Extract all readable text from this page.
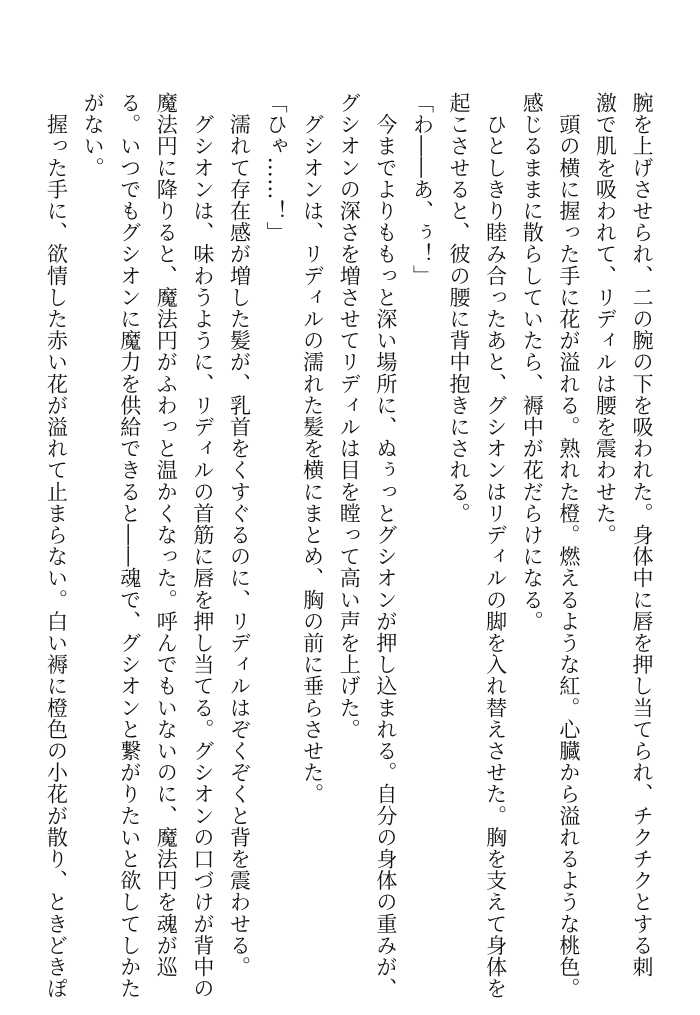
腕を上げさせられ、二の腕の下を吸われた。身体中に唇を押し当てられ、チクチクとする刺
激で肌を吸われて、リディルは腰を震わせた。
　頭の横に握った手に花が溢れる。熟れた橙。燃えるような紅。心臓から溢れるような桃色。
感じるままに散らしていたら、褥中が花だらけになる。
　ひとしきり睦み合ったあと、グシオンはリディルの脚を入れ替えさせた。胸を支えて身体を
起こさせると、彼の腰に背中抱きにされる。
「わ――あ、ぅ！」
　今までよりももっと深い場所に、ぬぅっとグシオンが押し込まれる。自分の身体の重みが、
グシオンの深さを増させてリディルは目を瞠って高い声を上げた。
　グシオンは、リディルの濡れた髪を横にまとめ、胸の前に垂らさせた。
「ひゃ……！」
　濡れて存在感が増した髪が、乳首をくすぐるのに、リディルはぞくぞくと背を震わせる。
　グシオンは、味わうように、リディルの首筋に唇を押し当てる。グシオンの口づけが背中の
魔法円に降りると、魔法円がふわっと温かくなった。呼んでもいないのに、魔法円を魂が巡
る。いつでもグシオンに魔力を供給できると――魂で、グシオンと繋がりたいと欲してしかた
がない。
　握った手に、欲情した赤い花が溢れて止まらない。白い褥に橙色の小花が散り、ときどきぽ
